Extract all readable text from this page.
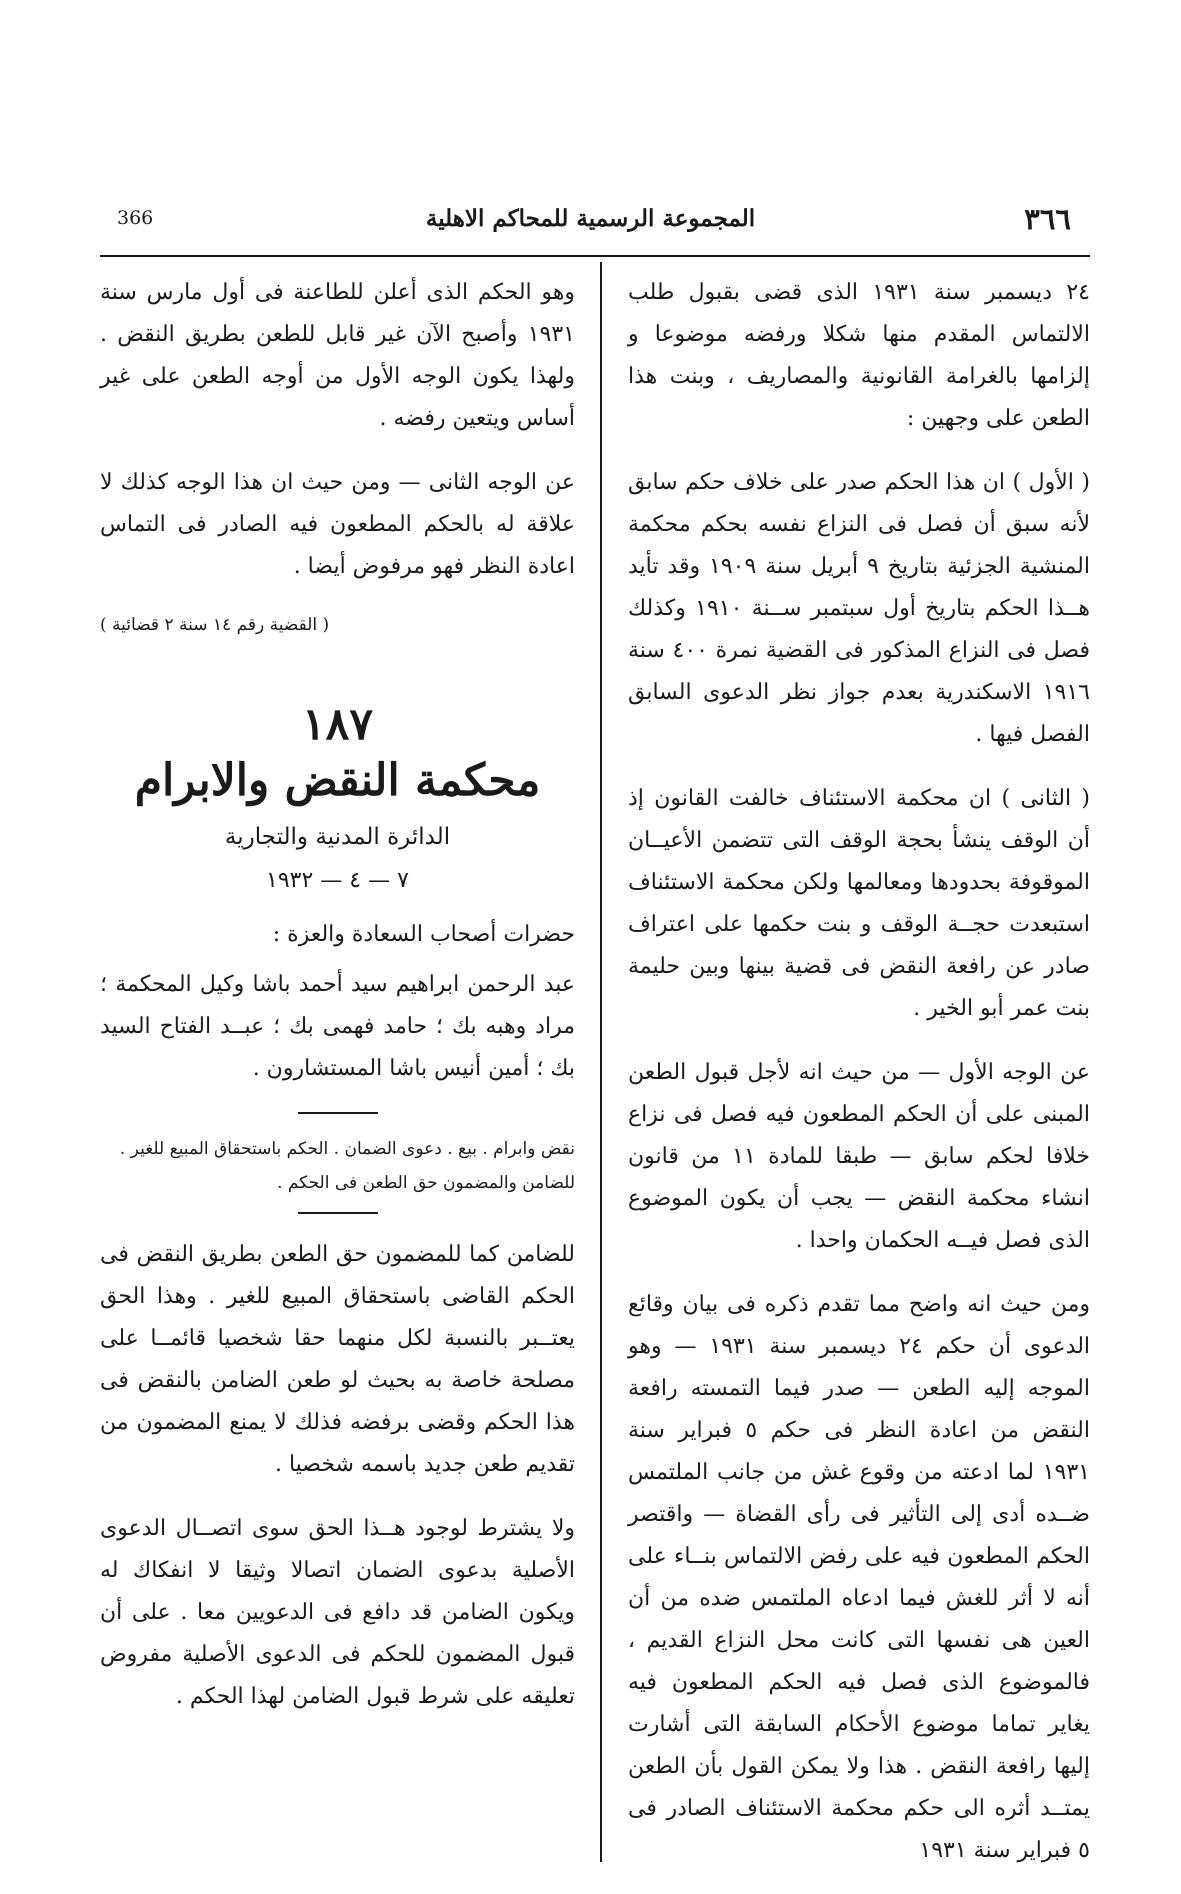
366	المجموعة الرسمية للمحاكم الاهلية	٣٦٦

٢٤ ديسمبر سنة ١٩٣١ الذى قضى بقبول طلب الالتماس المقدم منها شكلا ورفضه موضوعا و إلزامها بالغرامة القانونية والمصاريف ، وبنت هذا الطعن على وجهين :

( الأول ) ان هذا الحكم صدر على خلاف حكم سابق لأنه سبق أن فصل فى النزاع نفسه بحكم محكمة المنشية الجزئية بتاريخ ٩ أبريل سنة ١٩٠٩ وقد تأيد هــذا الحكم بتاريخ أول سبتمبر ســنة ١٩١٠ وكذلك فصل فى النزاع المذكور فى القضية نمرة ٤٠٠ سنة ١٩١٦ الاسكندرية بعدم جواز نظر الدعوى السابق الفصل فيها .

( الثانى ) ان محكمة الاستئناف خالفت القانون إذ أن الوقف ينشأ بحجة الوقف التى تتضمن الأعيــان الموقوفة بحدودها ومعالمها ولكن محكمة الاستئناف استبعدت حجــة الوقف و بنت حكمها على اعتراف صادر عن رافعة النقض فى قضية بينها وبين حليمة بنت عمر أبو الخير .

عن الوجه الأول — من حيث انه لأجل قبول الطعن المبنى على أن الحكم المطعون فيه فصل فى نزاع خلافا لحكم سابق — طبقا للمادة ١١ من قانون انشاء محكمة النقض — يجب أن يكون الموضوع الذى فصل فيــه الحكمان واحدا .

ومن حيث انه واضح مما تقدم ذكره فى بيان وقائع الدعوى أن حكم ٢٤ ديسمبر سنة ١٩٣١ — وهو الموجه إليه الطعن — صدر فيما التمسته رافعة النقض من اعادة النظر فى حكم ٥ فبراير سنة ١٩٣١ لما ادعته من وقوع غش من جانب الملتمس ضــده أدى إلى التأثير فى رأى القضاة — واقتصر الحكم المطعون فيه على رفض الالتماس بنــاء على أنه لا أثر للغش فيما ادعاه الملتمس ضده من أن العين هى نفسها التى كانت محل النزاع القديم ، فالموضوع الذى فصل فيه الحكم المطعون فيه يغاير تماما موضوع الأحكام السابقة التى أشارت إليها رافعة النقض . هذا ولا يمكن القول بأن الطعن يمتــد أثره الى حكم محكمة الاستئناف الصادر فى ٥ فبراير سنة ١٩٣١

وهو الحكم الذى أعلن للطاعنة فى أول مارس سنة ١٩٣١ وأصبح الآن غير قابل للطعن بطريق النقض . ولهذا يكون الوجه الأول من أوجه الطعن على غير أساس ويتعين رفضه .

عن الوجه الثانى — ومن حيث ان هذا الوجه كذلك لا علاقة له بالحكم المطعون فيه الصادر فى التماس اعادة النظر فهو مرفوض أيضا .

( القضية رقم ١٤ سنة ٢ قضائية )
١٨٧
محكمة النقض والابرام
الدائرة المدنية والتجارية
٧ — ٤ — ١٩٣٢

حضرات أصحاب السعادة والعزة :

عبد الرحمن ابراهيم سيد أحمد باشا وكيل المحكمة ؛ مراد وهبه بك ؛ حامد فهمى بك ؛ عبــد الفتاح السيد بك ؛ أمين أنيس باشا المستشارون .

نقض وابرام . بيع . دعوى الضمان . الحكم باستحقاق المبيع للغير .
للضامن والمضمون حق الطعن فى الحكم .

للضامن كما للمضمون حق الطعن بطريق النقض فى الحكم القاضى باستحقاق المبيع للغير . وهذا الحق يعتــبر بالنسبة لكل منهما حقا شخصيا قائمــا على مصلحة خاصة به بحيث لو طعن الضامن بالنقض فى هذا الحكم وقضى برفضه فذلك لا يمنع المضمون من تقديم طعن جديد باسمه شخصيا .

ولا يشترط لوجود هــذا الحق سوى اتصــال الدعوى الأصلية بدعوى الضمان اتصالا وثيقا لا انفكاك له ويكون الضامن قد دافع فى الدعويين معا . على أن قبول المضمون للحكم فى الدعوى الأصلية مفروض تعليقه على شرط قبول الضامن لهذا الحكم .
